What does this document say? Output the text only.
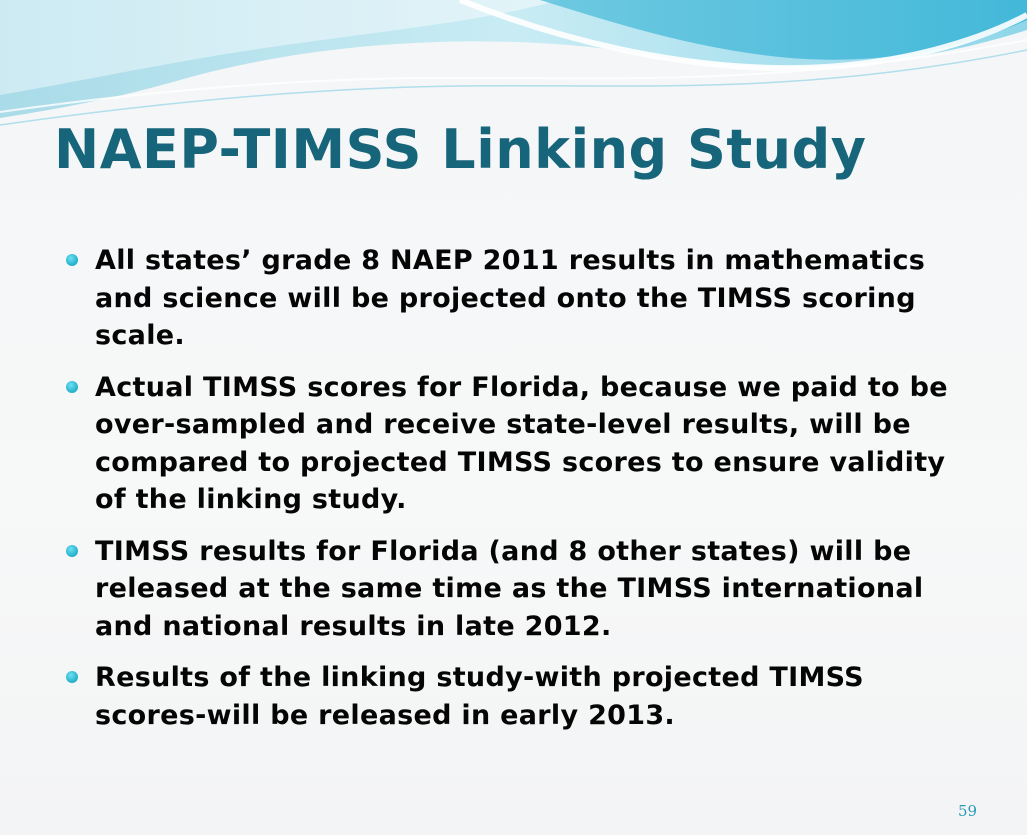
NAEP-TIMSS Linking Study
All states’ grade 8 NAEP 2011 results in mathematics and science will be projected onto the TIMSS scoring scale.
Actual TIMSS scores for Florida, because we paid to be over-sampled and receive state-level results, will be compared to projected TIMSS scores to ensure validity of the linking study.
TIMSS results for Florida (and 8 other states) will be released at the same time as the TIMSS international and national results in late 2012.
Results of the linking study-with projected TIMSS scores-will be released in early 2013.
59
